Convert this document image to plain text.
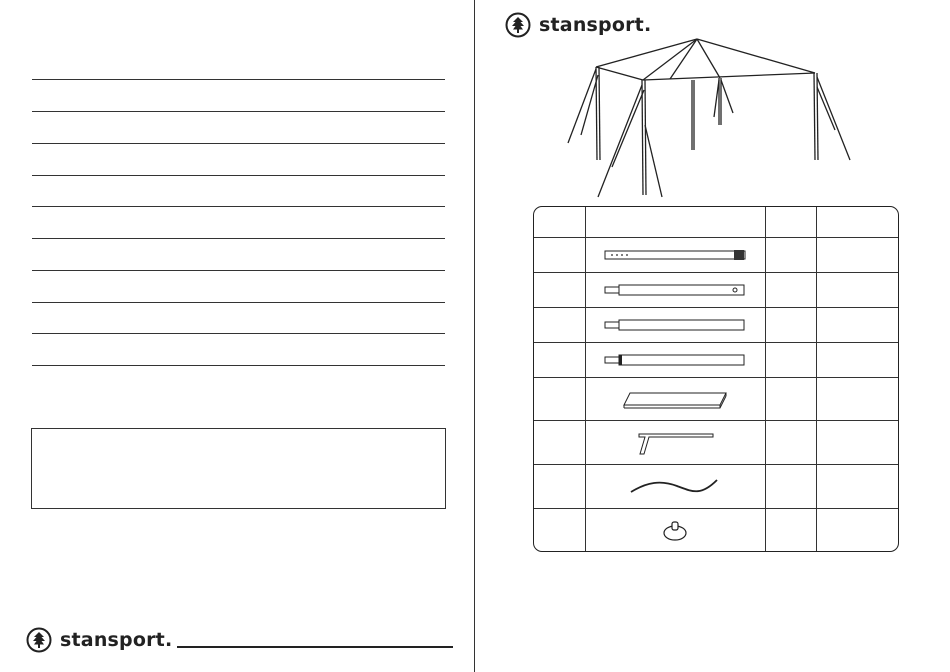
stansport.
stansport.
